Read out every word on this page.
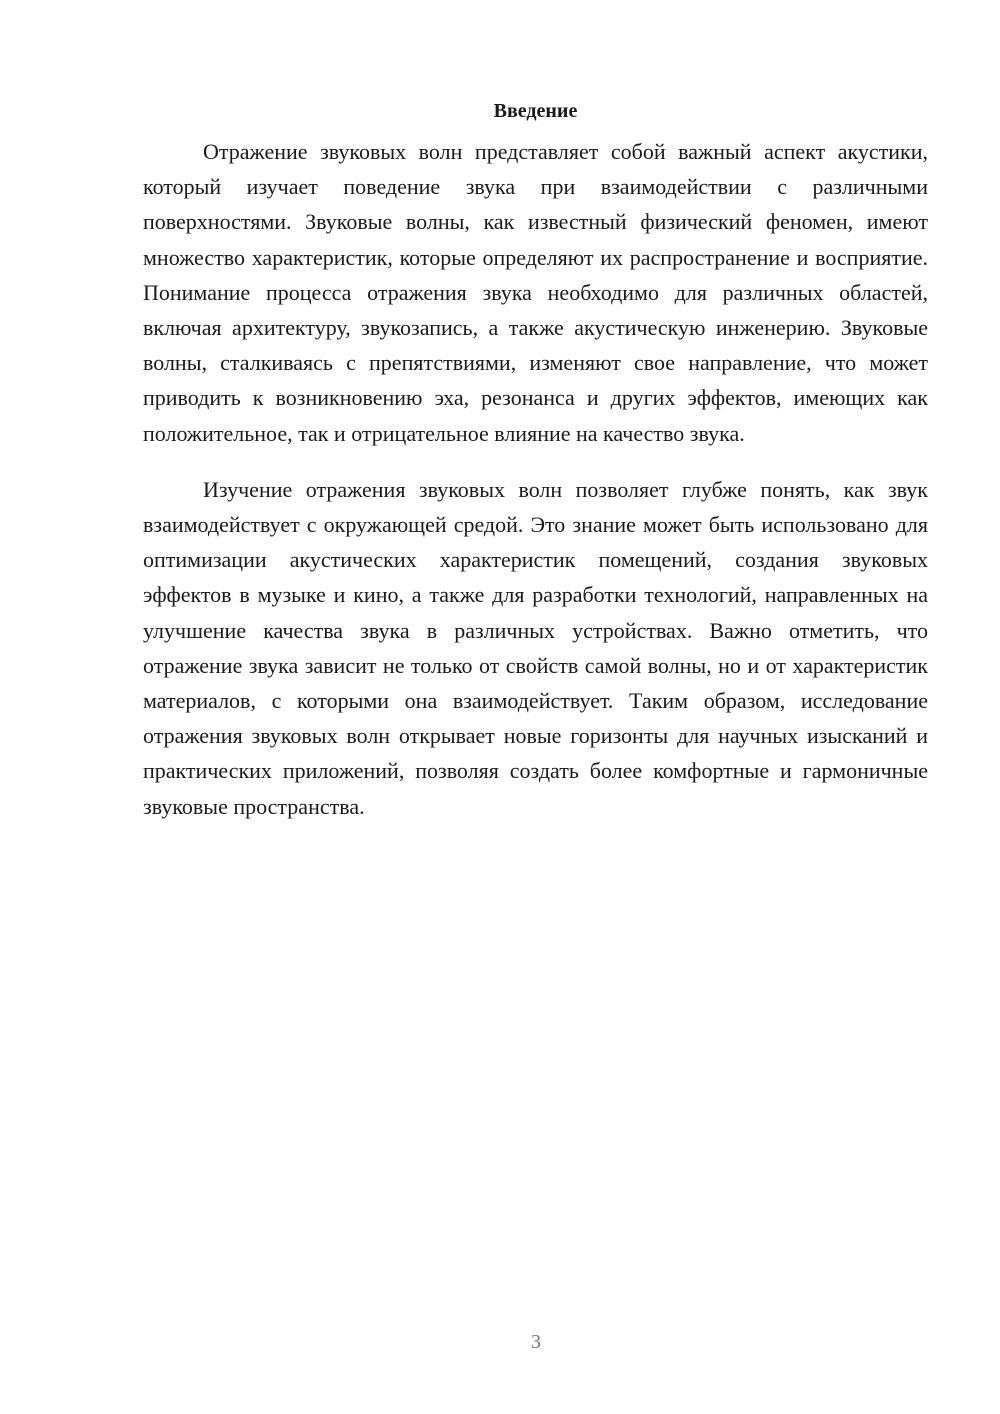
Введение

Отражение звуковых волн представляет собой важный аспект акустики, который изучает поведение звука при взаимодействии с различными поверхностями. Звуковые волны, как известный физический феномен, имеют множество характеристик, которые определяют их распространение и восприятие. Понимание процесса отражения звука необходимо для различных областей, включая архитектуру, звукозапись, а также акустическую инженерию. Звуковые волны, сталкиваясь с препятствиями, изменяют свое направление, что может приводить к возникновению эха, резонанса и других эффектов, имеющих как положительное, так и отрицательное влияние на качество звука.

Изучение отражения звуковых волн позволяет глубже понять, как звук взаимодействует с окружающей средой. Это знание может быть использовано для оптимизации акустических характеристик помещений, создания звуковых эффектов в музыке и кино, а также для разработки технологий, направленных на улучшение качества звука в различных устройствах. Важно отметить, что отражение звука зависит не только от свойств самой волны, но и от характеристик материалов, с которыми она взаимодействует. Таким образом, исследование отражения звуковых волн открывает новые горизонты для научных изысканий и практических приложений, позволяя создать более комфортные и гармоничные звуковые пространства.

3
